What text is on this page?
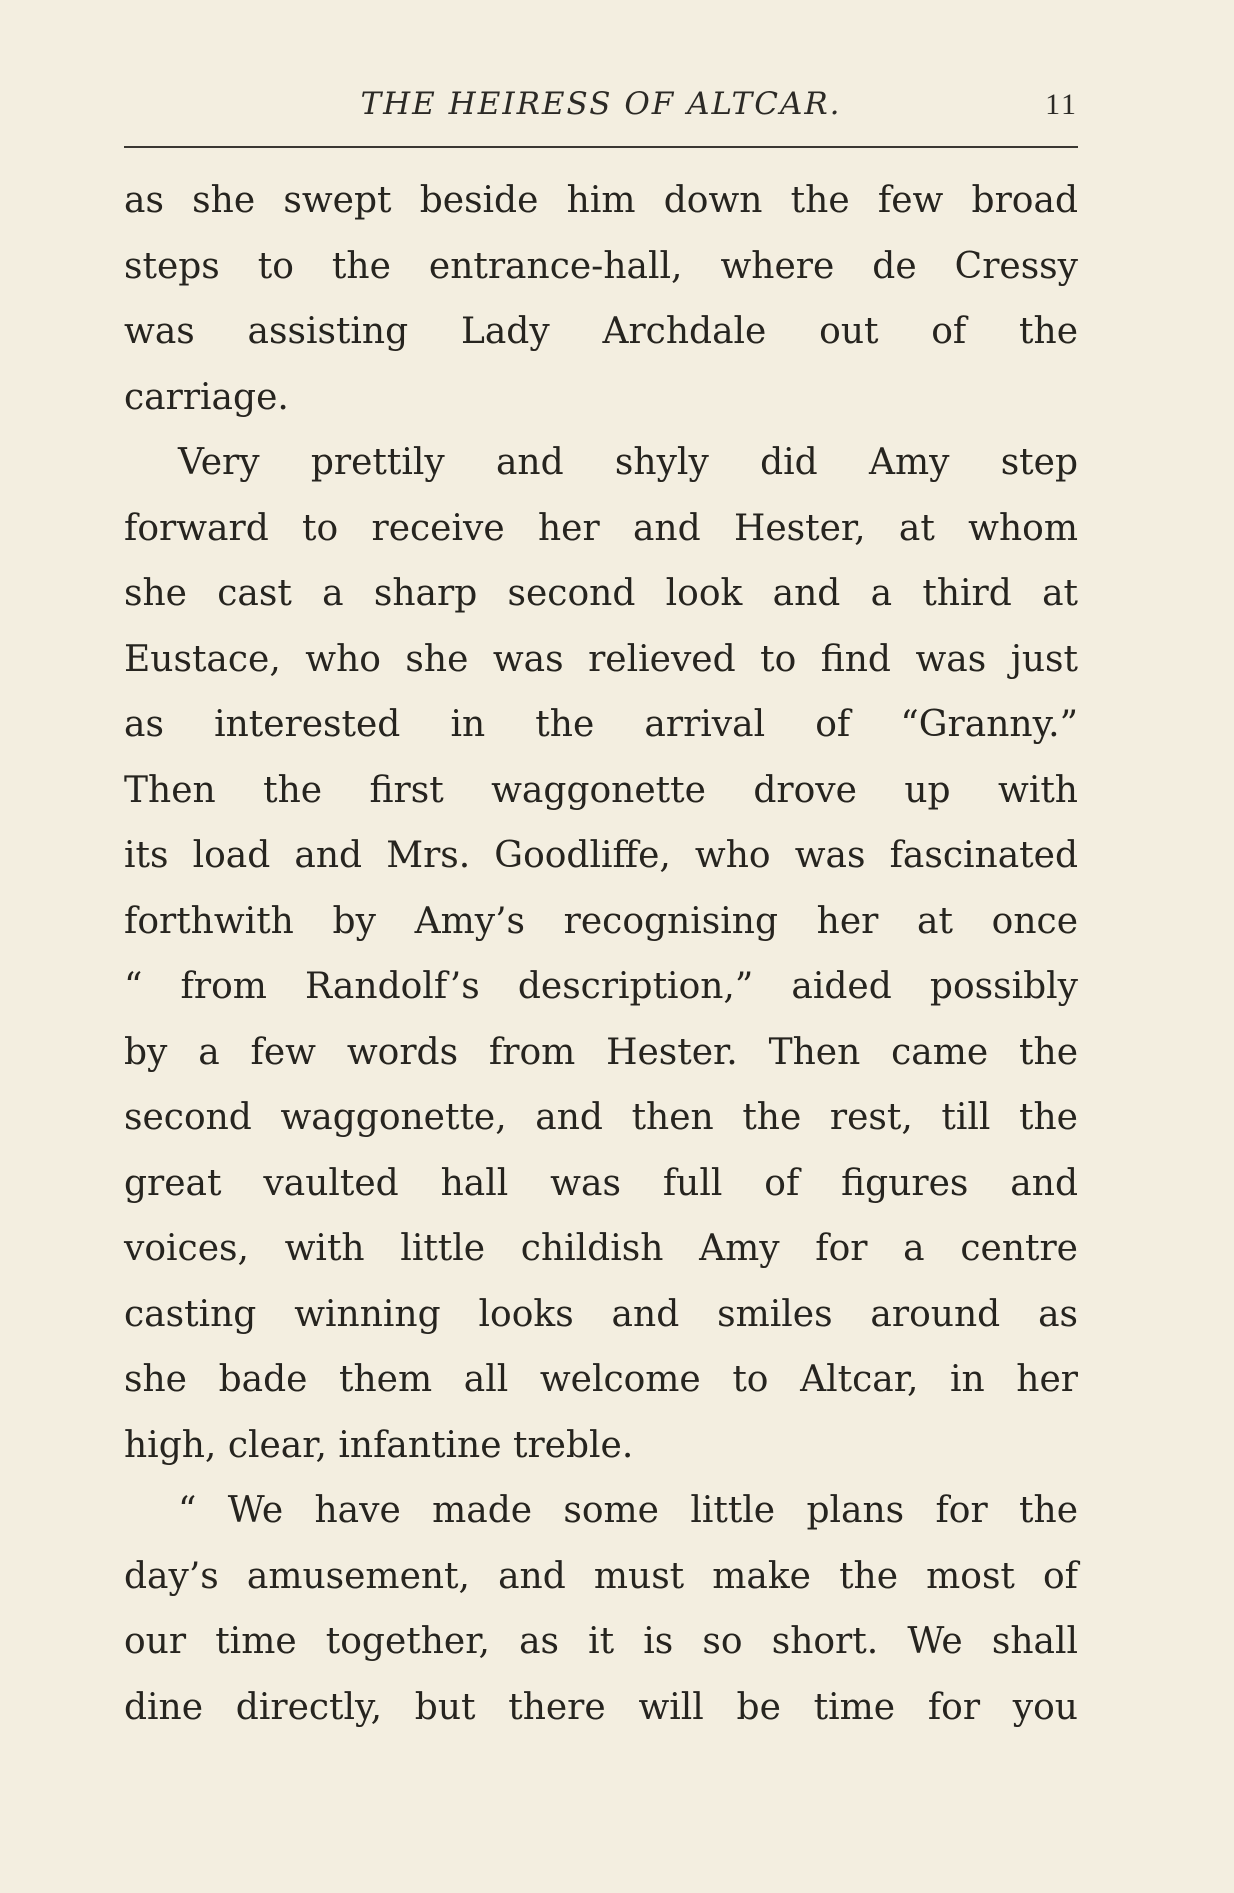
THE HEIRESS OF ALTCAR.	11
as she swept beside him down the few broad
steps to the entrance-hall, where de Cressy
was assisting Lady Archdale out of the
carriage.
Very prettily and shyly did Amy step
forward to receive her and Hester, at whom
she cast a sharp second look and a third at
Eustace, who she was relieved to find was just
as interested in the arrival of “Granny.”
Then the first waggonette drove up with
its load and Mrs. Goodliffe, who was fascinated
forthwith by Amy’s recognising her at once
“ from Randolf’s description,” aided possibly
by a few words from Hester. Then came the
second waggonette, and then the rest, till the
great vaulted hall was full of figures and
voices, with little childish Amy for a centre
casting winning looks and smiles around as
she bade them all welcome to Altcar, in her
high, clear, infantine treble.
“ We have made some little plans for the
day’s amusement, and must make the most of
our time together, as it is so short. We shall
dine directly, but there will be time for you
